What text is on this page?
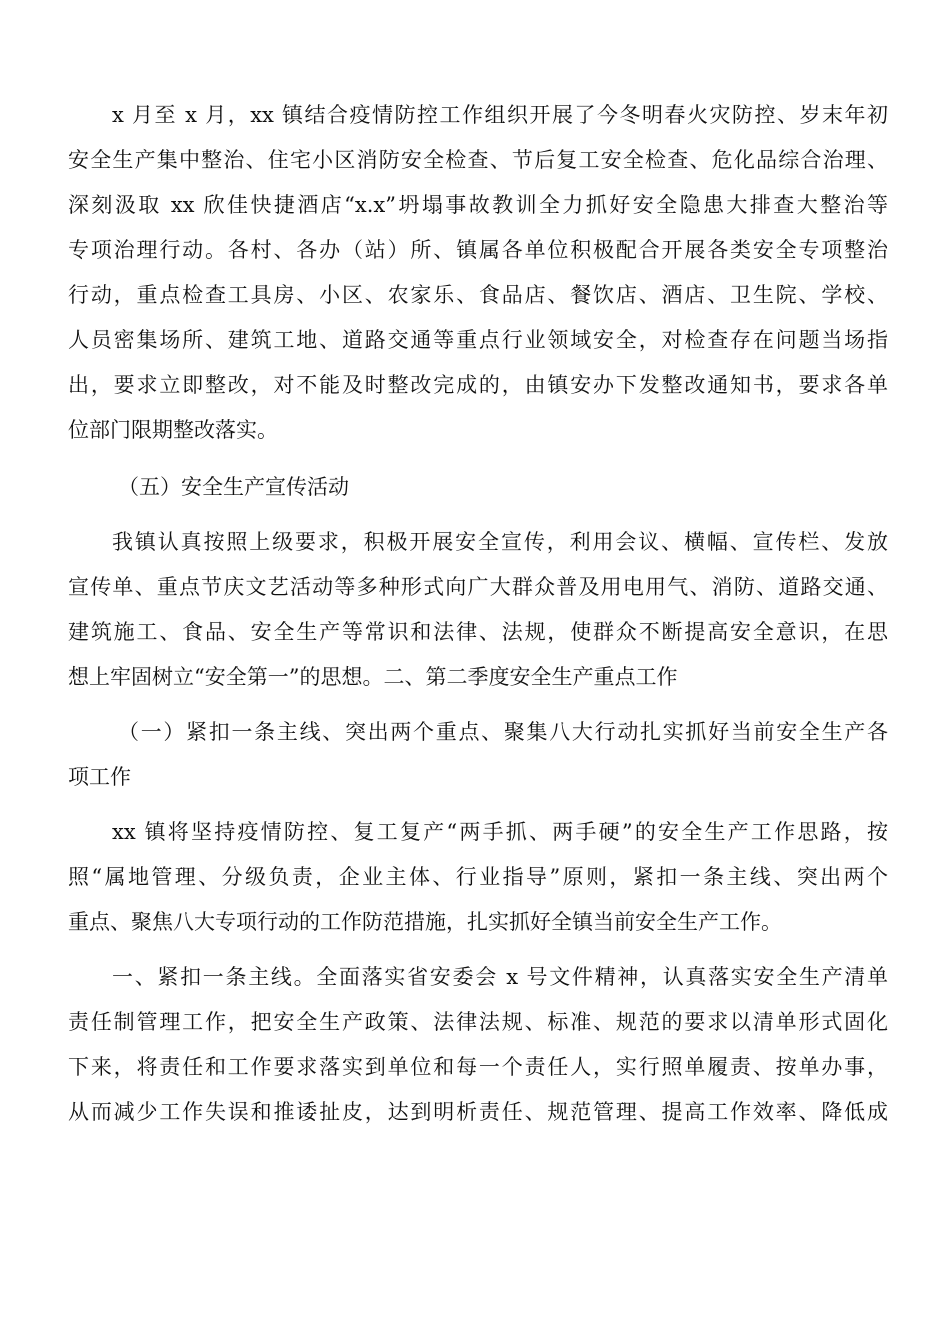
x 月至 x 月，xx 镇结合疫情防控工作组织开展了今冬明春火灾防控、岁末年初
安全生产集中整治、住宅小区消防安全检查、节后复工安全检查、危化品综合治理、
深刻汲取 xx 欣佳快捷酒店“x.x”坍塌事故教训全力抓好安全隐患大排查大整治等
专项治理行动。各村、各办（站）所、镇属各单位积极配合开展各类安全专项整治
行动，重点检查工具房、小区、农家乐、食品店、餐饮店、酒店、卫生院、学校、
人员密集场所、建筑工地、道路交通等重点行业领域安全，对检查存在问题当场指
出，要求立即整改，对不能及时整改完成的，由镇安办下发整改通知书，要求各单
位部门限期整改落实。
（五）安全生产宣传活动
我镇认真按照上级要求，积极开展安全宣传，利用会议、横幅、宣传栏、发放
宣传单、重点节庆文艺活动等多种形式向广大群众普及用电用气、消防、道路交通、
建筑施工、食品、安全生产等常识和法律、法规，使群众不断提高安全意识，在思
想上牢固树立“安全第一”的思想。二、第二季度安全生产重点工作
（一）紧扣一条主线、突出两个重点、聚集八大行动扎实抓好当前安全生产各
项工作
xx 镇将坚持疫情防控、复工复产“两手抓、两手硬”的安全生产工作思路，按
照“属地管理、分级负责，企业主体、行业指导”原则，紧扣一条主线、突出两个
重点、聚焦八大专项行动的工作防范措施，扎实抓好全镇当前安全生产工作。
一、紧扣一条主线。全面落实省安委会 x 号文件精神，认真落实安全生产清单
责任制管理工作，把安全生产政策、法律法规、标准、规范的要求以清单形式固化
下来，将责任和工作要求落实到单位和每一个责任人，实行照单履责、按单办事，
从而减少工作失误和推诿扯皮，达到明析责任、规范管理、提高工作效率、降低成
